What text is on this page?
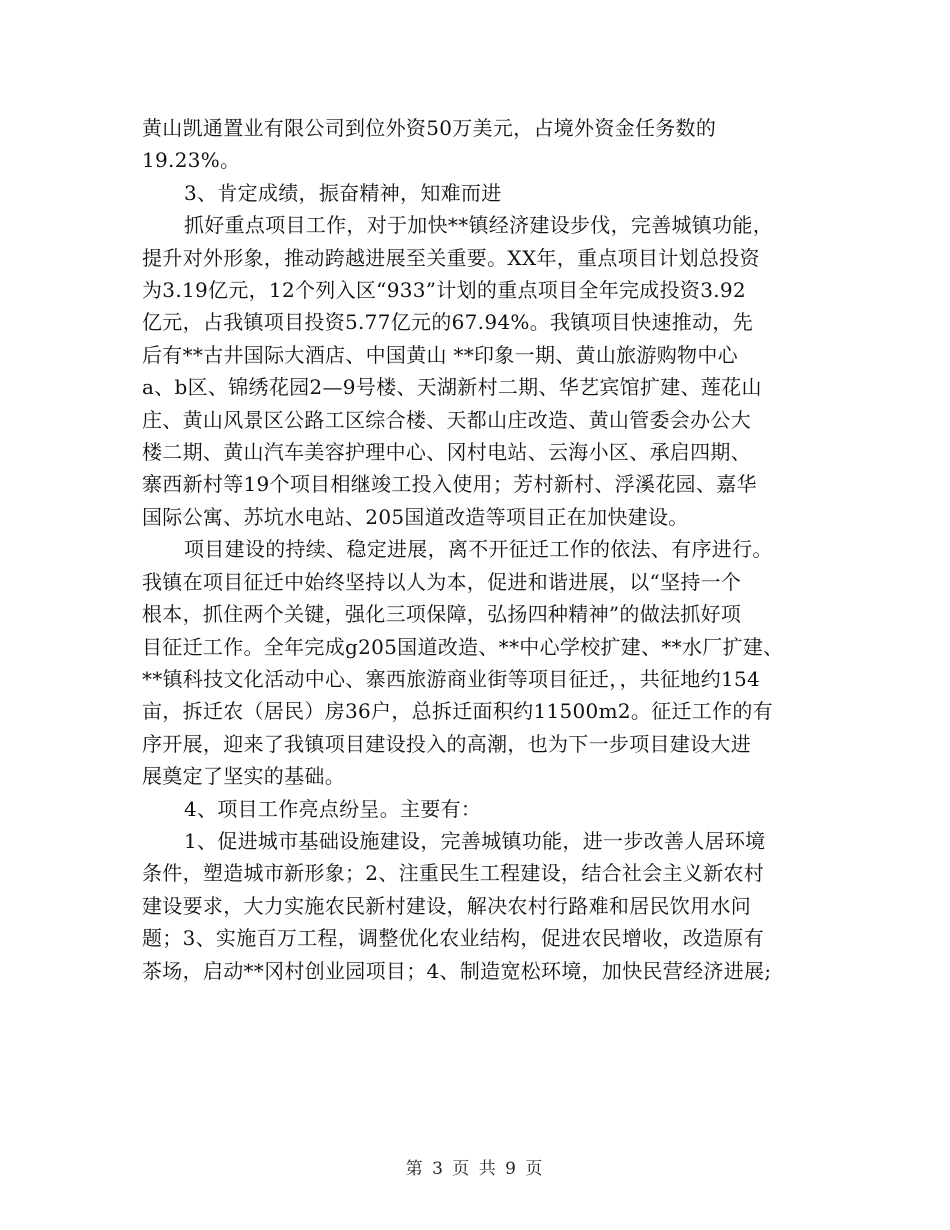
黄山凯通置业有限公司到位外资50万美元，占境外资金任务数的
19.23%。
3、肯定成绩，振奋精神，知难而进
抓好重点项目工作，对于加快**镇经济建设步伐，完善城镇功能，
提升对外形象，推动跨越进展至关重要。XX年，重点项目计划总投资
为3.19亿元，12个列入区“933”计划的重点项目全年完成投资3.92
亿元，占我镇项目投资5.77亿元的67.94%。我镇项目快速推动，先
后有**古井国际大酒店、中国黄山 **印象一期、黄山旅游购物中心
a、b区、锦绣花园2—9号楼、天湖新村二期、华艺宾馆扩建、莲花山
庄、黄山风景区公路工区综合楼、天都山庄改造、黄山管委会办公大
楼二期、黄山汽车美容护理中心、冈村电站、云海小区、承启四期、
寨西新村等19个项目相继竣工投入使用；芳村新村、浮溪花园、嘉华
国际公寓、苏坑水电站、205国道改造等项目正在加快建设。
项目建设的持续、稳定进展，离不开征迁工作的依法、有序进行。
我镇在项目征迁中始终坚持以人为本，促进和谐进展，以“坚持一个
根本，抓住两个关键，强化三项保障，弘扬四种精神”的做法抓好项
目征迁工作。全年完成g205国道改造、**中心学校扩建、**水厂扩建、
**镇科技文化活动中心、寨西旅游商业街等项目征迁，，共征地约154
亩，拆迁农（居民）房36户，总拆迁面积约11500m2。征迁工作的有
序开展，迎来了我镇项目建设投入的高潮，也为下一步项目建设大进
展奠定了坚实的基础。
4、项目工作亮点纷呈。主要有：
1、促进城市基础设施建设，完善城镇功能，进一步改善人居环境
条件，塑造城市新形象；2、注重民生工程建设，结合社会主义新农村
建设要求，大力实施农民新村建设，解决农村行路难和居民饮用水问
题；3、实施百万工程，调整优化农业结构，促进农民增收，改造原有
茶场，启动**冈村创业园项目；4、制造宽松环境，加快民营经济进展;
第 3 页 共 9 页
